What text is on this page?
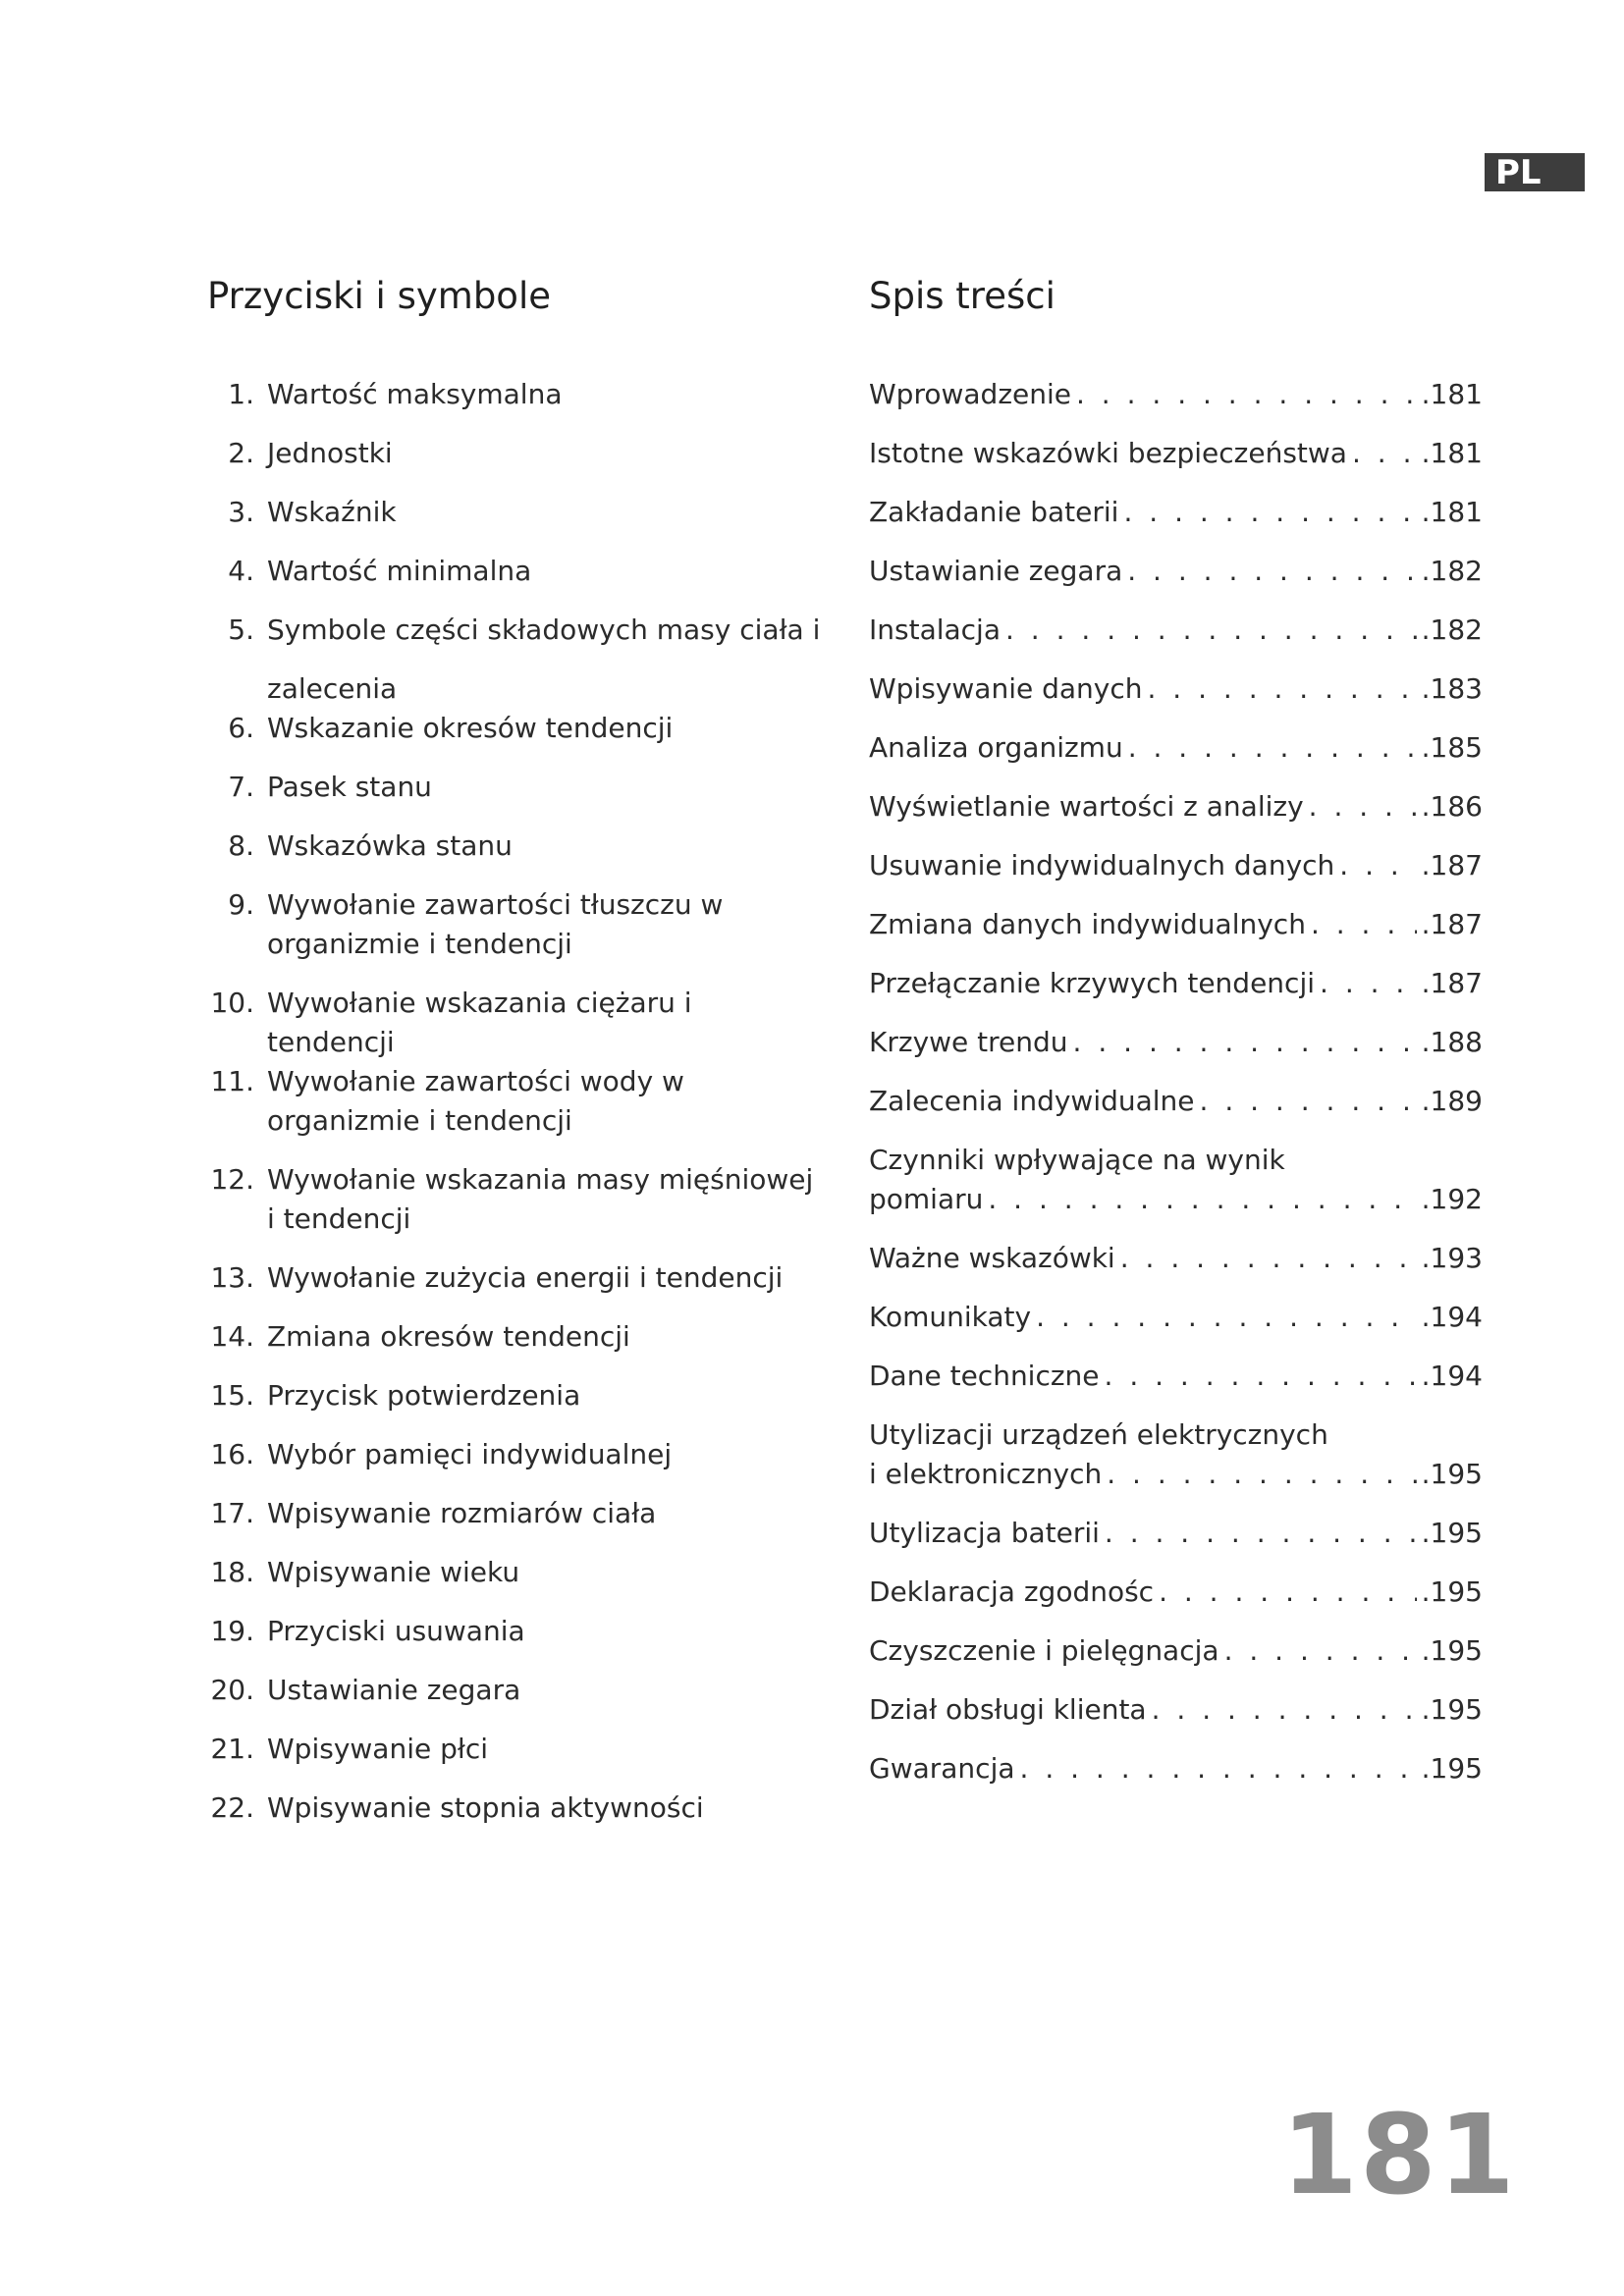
PL
Przyciski i symbole	Spis treści
1. Wartość maksymalna
2. Jednostki
3. Wskaźnik
4. Wartość minimalna
5. Symbole części składowych masy ciała i
zalecenia
6. Wskazanie okresów tendencji
7. Pasek stanu
8. Wskazówka stanu
9. Wywołanie zawartości tłuszczu w organizmie i tendencji
10. Wywołanie wskazania ciężaru i tendencji
11. Wywołanie zawartości wody w organizmie i tendencji
12. Wywołanie wskazania masy mięśniowej i tendencji
13. Wywołanie zużycia energii i tendencji
14. Zmiana okresów tendencji
15. Przycisk potwierdzenia
16. Wybór pamięci indywidualnej
17. Wpisywanie rozmiarów ciała
18. Wpisywanie wieku
19. Przyciski usuwania
20. Ustawianie zegara
21. Wpisywanie płci
22. Wpisywanie stopnia aktywności
Wprowadzenie . . .	.181
Istotne wskazówki bezpieczeństwa . . .	.181
Zakładanie baterii . . .	.181
Ustawianie zegara . . .	.182
Instalacja . . .	.182
Wpisywanie danych . . .	.183
Analiza organizmu . . .	.185
Wyświetlanie wartości z analizy . . .	.186
Usuwanie indywidualnych danych . . .	.187
Zmiana danych indywidualnych . . .	.187
Przełączanie krzywych tendencji . . .	.187
Krzywe trendu . . .	.188
Zalecenia indywidualne . . .	.189
Czynniki wpływające na wynik
pomiaru . . .	.192
Ważne wskazówki . . .	.193
Komunikaty . . .	.194
Dane techniczne . . .	.194
Utylizacji urządzeń elektrycznych
i elektronicznych . . .	.195
Utylizacja baterii . . .	.195
Deklaracja zgodnośc . . .	.195
Czyszczenie i pielęgnacja . . .	.195
Dział obsługi klienta . . .	.195
Gwarancja . . .	.195
181
